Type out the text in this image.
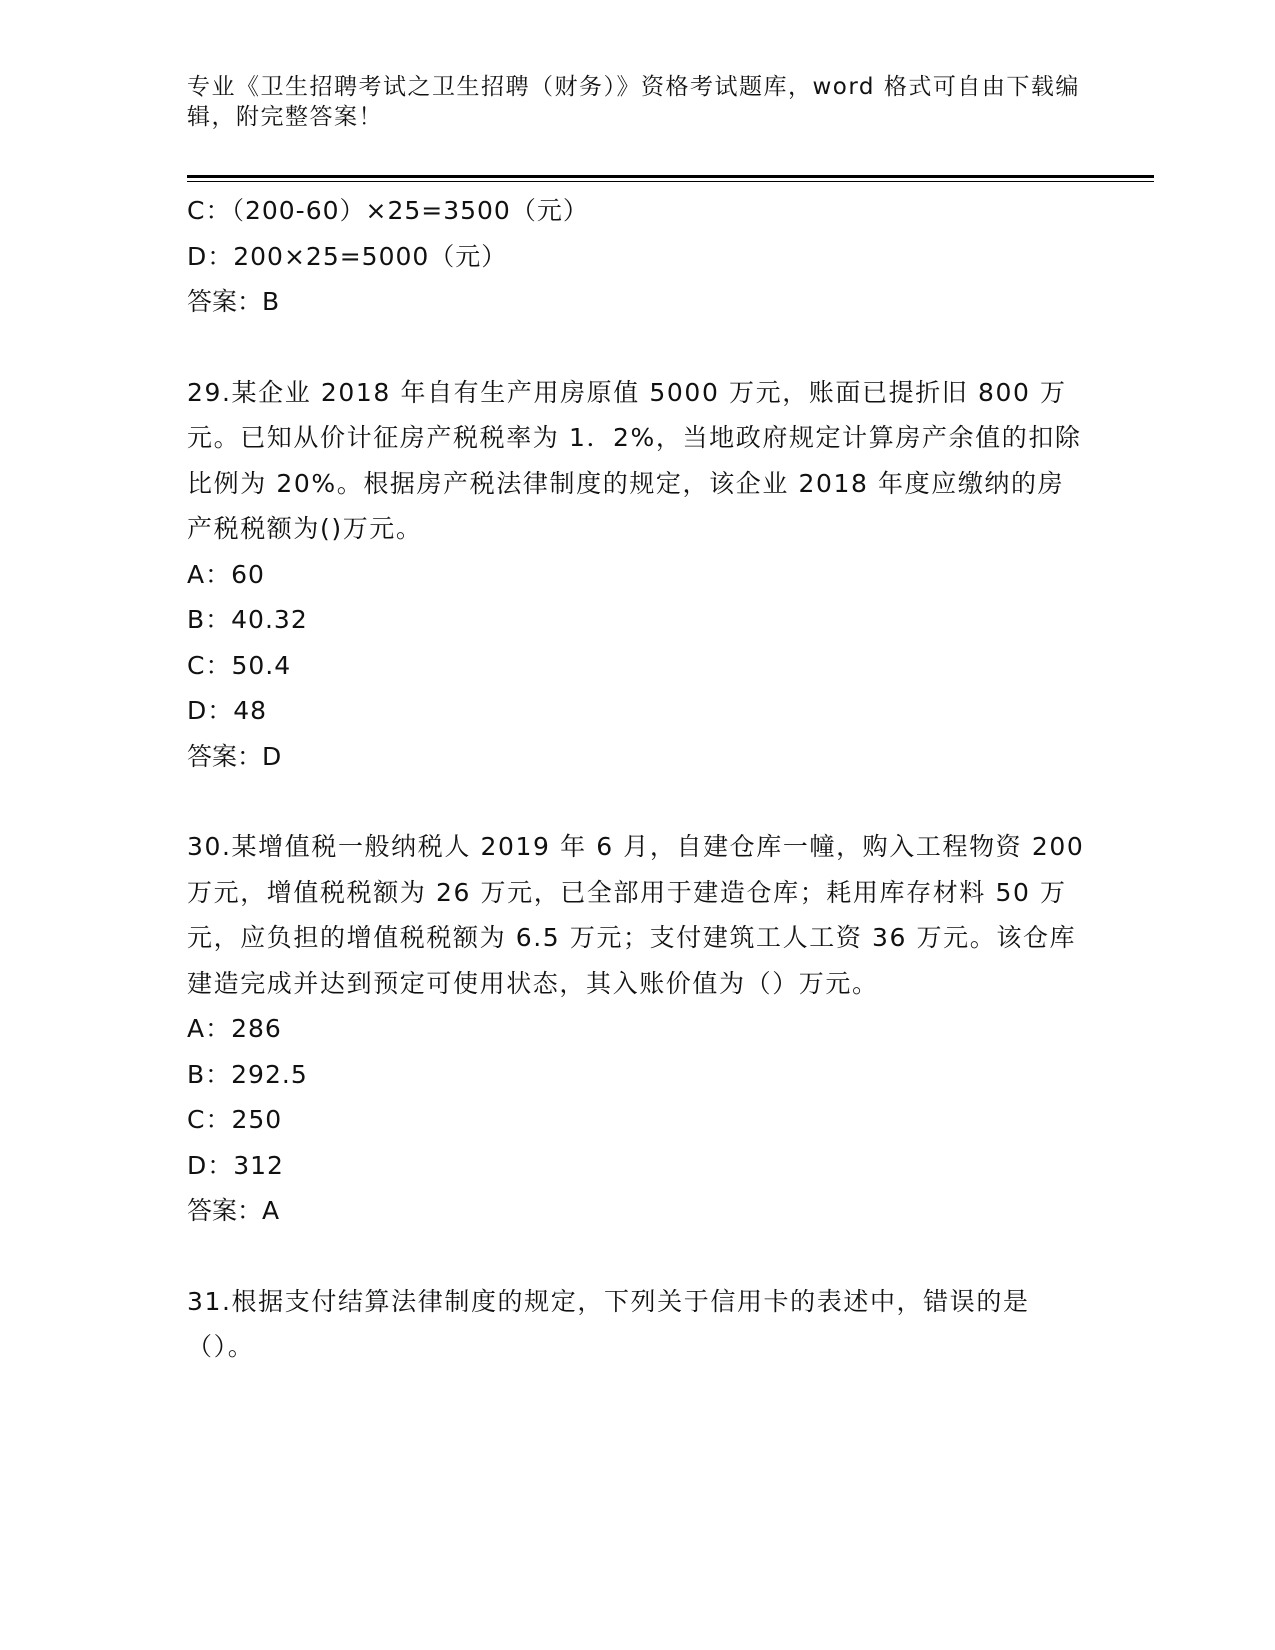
专业《卫生招聘考试之卫生招聘（财务）》资格考试题库，word 格式可自由下载编辑，附完整答案！

C：（200-60）×25=3500（元）

D：200×25=5000（元）

答案：B

29.某企业 2018 年自有生产用房原值 5000 万元，账面已提折旧 800 万元。已知从价计征房产税税率为 1．2%，当地政府规定计算房产余值的扣除比例为 20%。根据房产税法律制度的规定，该企业 2018 年度应缴纳的房产税税额为()万元。

A：60

B：40.32

C：50.4

D：48

答案：D

30.某增值税一般纳税人 2019 年 6 月，自建仓库一幢，购入工程物资 200 万元，增值税税额为 26 万元，已全部用于建造仓库；耗用库存材料 50 万元，应负担的增值税税额为 6.5 万元；支付建筑工人工资 36 万元。该仓库建造完成并达到预定可使用状态，其入账价值为（）万元。

A：286

B：292.5

C：250

D：312

答案：A

31.根据支付结算法律制度的规定，下列关于信用卡的表述中，错误的是（）。
